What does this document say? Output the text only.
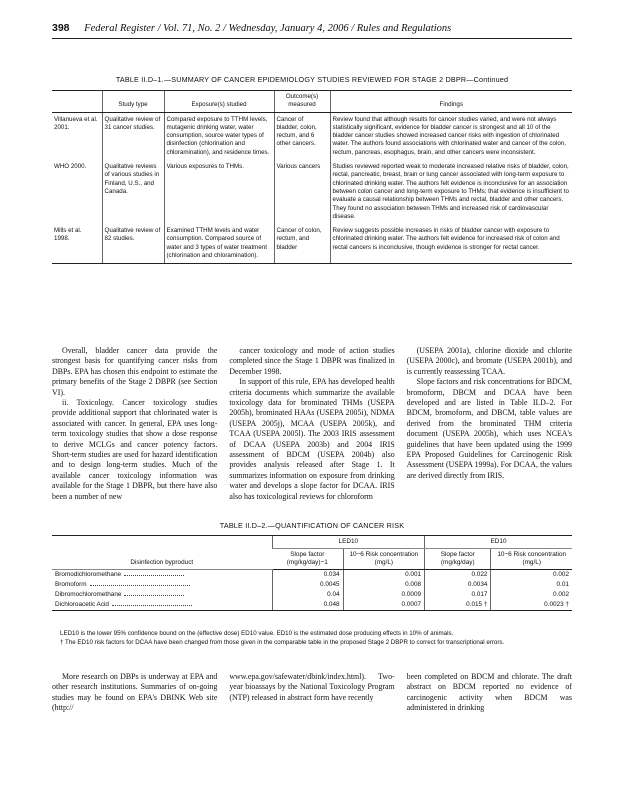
398 Federal Register / Vol. 71, No. 2 / Wednesday, January 4, 2006 / Rules and Regulations
TABLE II.D–1.—SUMMARY OF CANCER EPIDEMIOLOGY STUDIES REVIEWED FOR STAGE 2 DBPR—Continued
	Study type	Exposure(s) studied	Outcome(s) measured	Findings
Villanueva et al. 2001.	Qualitative review of 31 cancer studies.	Compared exposure to TTHM levels, mutagenic drinking water, water consumption, source water types of disinfection (chlorination and chloramination), and residence times.	Cancer of bladder, colon, rectum, and 6 other cancers.	Review found that although results for cancer studies varied, and were not always statistically significant, evidence for bladder cancer is strongest and all 10 of the bladder cancer studies showed increased cancer risks with ingestion of chlorinated water. The authors found associations with chlorinated water and cancer of the colon, rectum, pancreas, esophagus, brain, and other cancers were inconsistent.
WHO 2000.	Qualitative reviews of various studies in Finland, U.S., and Canada.	Various exposures to THMs.	Various cancers	Studies reviewed reported weak to moderate increased relative risks of bladder, colon, rectal, pancreatic, breast, brain or lung cancer associated with long-term exposure to chlorinated drinking water. The authors felt evidence is inconclusive for an association between colon cancer and long-term exposure to THMs; that evidence is insufficient to evaluate a causal relationship between THMs and rectal, bladder and other cancers. They found no association between THMs and increased risk of cardiovascular disease.
Mills et al. 1998.	Qualitative review of 82 studies.	Examined TTHM levels and water consumption. Compared source of water and 3 types of water treatment (chlorination and chloramination).	Cancer of colon, rectum, and bladder	Review suggests possible increases in risks of bladder cancer with exposure to chlorinated drinking water. The authors felt evidence for increased risk of colon and rectal cancers is inconclusive, though evidence is stronger for rectal cancer.

Overall, bladder cancer data provide the strongest basis for quantifying cancer risks from DBPs. EPA has chosen this endpoint to estimate the primary benefits of the Stage 2 DBPR (see Section VI).

ii. Toxicology. Cancer toxicology studies provide additional support that chlorinated water is associated with cancer. In general, EPA uses long-term toxicology studies that show a dose response to derive MCLGs and cancer potency factors. Short-term studies are used for hazard identification and to design long-term studies. Much of the available cancer toxicology information was available for the Stage 1 DBPR, but there have also been a number of new

cancer toxicology and mode of action studies completed since the Stage 1 DBPR was finalized in December 1998.

In support of this rule, EPA has developed health criteria documents which summarize the available toxicology data for brominated THMs (USEPA 2005h), brominated HAAs (USEPA 2005i), NDMA (USEPA 2005j), MCAA (USEPA 2005k), and TCAA (USEPA 2005l). The 2003 IRIS assessment of DCAA (USEPA 2003b) and 2004 IRIS assessment of BDCM (USEPA 2004b) also provides analysis released after Stage 1. It summarizes information on exposure from drinking water and develops a slope factor for DCAA. IRIS also has toxicological reviews for chloroform

(USEPA 2001a), chlorine dioxide and chlorite (USEPA 2000c), and bromate (USEPA 2001b), and is currently reassessing TCAA.

Slope factors and risk concentrations for BDCM, bromoform, DBCM and DCAA have been developed and are listed in Table II.D–2. For BDCM, bromoform, and DBCM, table values are derived from the brominated THM criteria document (USEPA 2005h), which uses NCEA's guidelines that have been updated using the 1999 EPA Proposed Guidelines for Carcinogenic Risk Assessment (USEPA 1999a). For DCAA, the values are derived directly from IRIS.

TABLE II.D–2.—QUANTIFICATION OF CANCER RISK
Disinfection byproduct	LED10		ED10	
	Slope factor (mg/kg/day)−1	10−6 Risk concentration (mg/L)	Slope factor (mg/kg/day)	10−6 Risk concentration (mg/L)
Bromodichloromethane	0.034	0.001	0.022	0.002
Bromoform	0.0045	0.008	0.0034	0.01
Dibromochloromethane	0.04	0.0009	0.017	0.002
Dichloroacetic Acid	0.048	0.0007	0.015 †	0.0023 †

LED10 is the lower 95% confidence bound on the (effective dose) ED10 value. ED10 is the estimated dose producing effects in 10% of animals.

† The ED10 risk factors for DCAA have been changed from those given in the comparable table in the proposed Stage 2 DBPR to correct for transcriptional errors.

More research on DBPs is underway at EPA and other research institutions. Summaries of on-going studies may be found on EPA's DBINK Web site (http://

www.epa.gov/safewater/dbink/index.html). Two-year bioassays by the National Toxicology Program (NTP) released in abstract form have recently

been completed on BDCM and chlorate. The draft abstract on BDCM reported no evidence of carcinogenic activity when BDCM was administered in drinking
